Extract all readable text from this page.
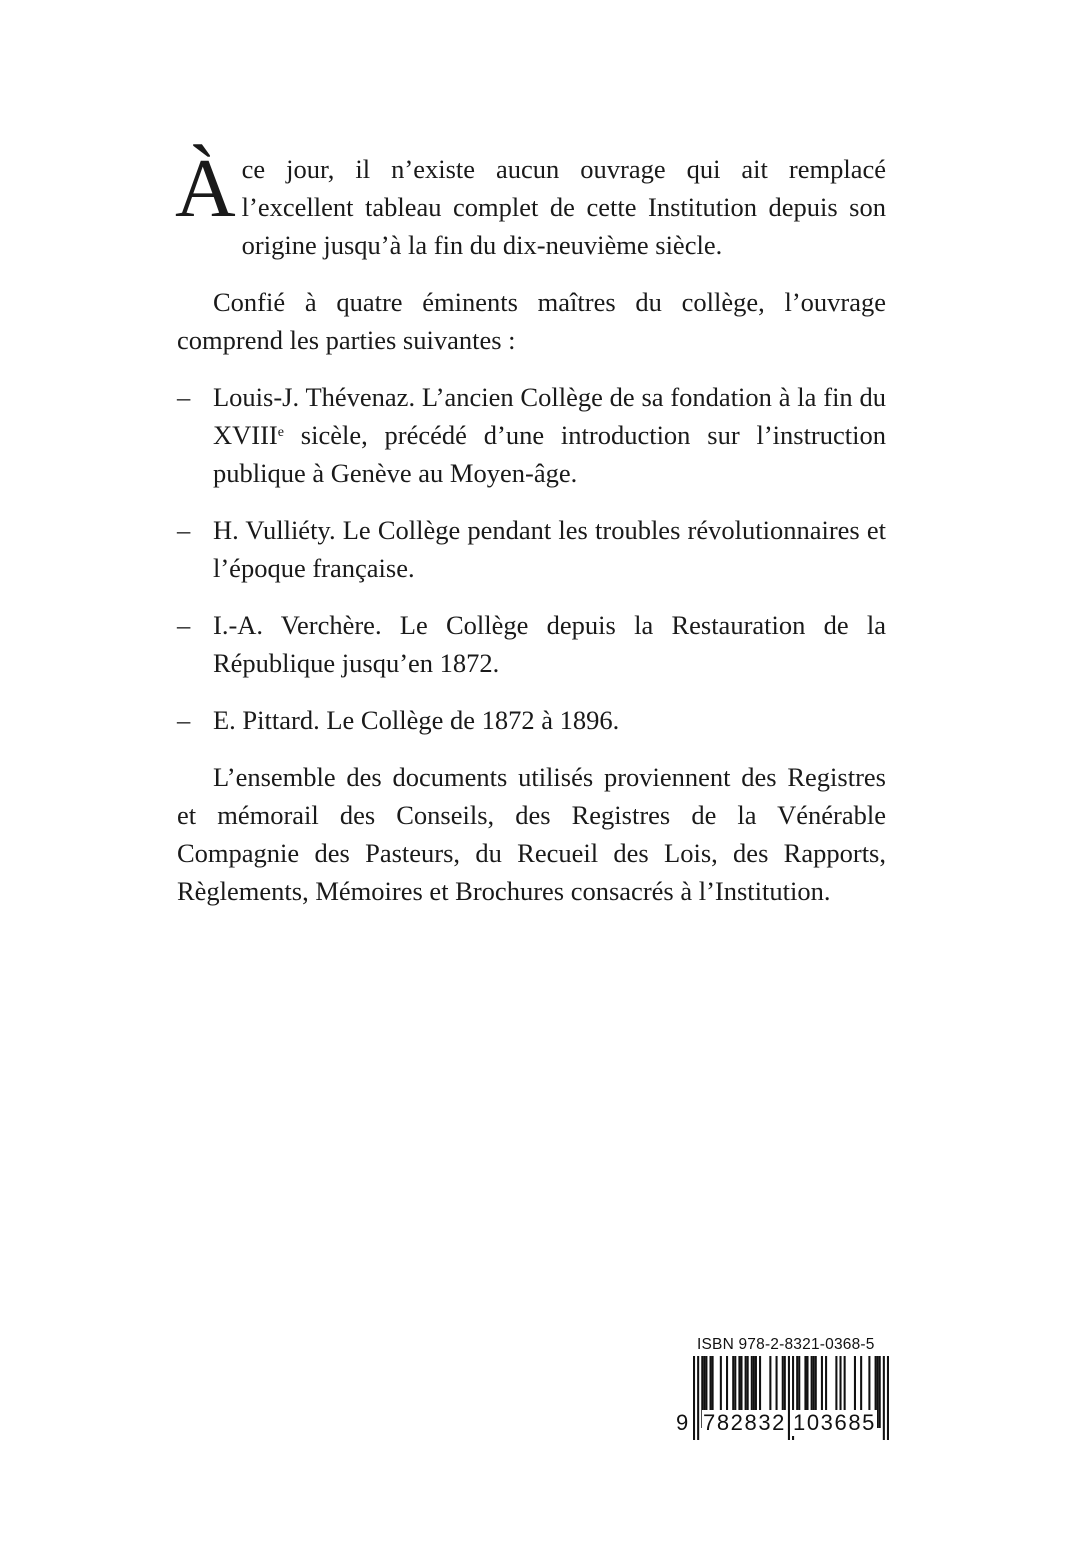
Àce jour, il n’existe aucun ouvrage qui ait remplacé l’excellent tableau complet de cette Institution depuis son origine jusqu’à la fin du dix-neuvième siècle.

Confié à quatre éminents maîtres du collège, l’ouvrage comprend les parties suivantes :

– Louis-J. Thévenaz. L’ancien Collège de sa fondation à la fin du XVIIIe sicèle, précédé d’une introduction sur l’instruction publique à Genève au Moyen-âge.
– H. Vulliéty. Le Collège pendant les troubles révolutionnaires et l’époque française.
– I.-A. Verchère. Le Collège depuis la Restauration de la République jusqu’en 1872.
– E. Pittard. Le Collège de 1872 à 1896.

L’ensemble des documents utilisés proviennent des Registres et mémorail des Conseils, des Registres de la Vénérable Compagnie des Pasteurs, du Recueil des Lois, des Rapports, Règlements, Mémoires et Brochures consacrés à l’Institution.

ISBN 978-2-8321-0368-5
9 782832 103685
